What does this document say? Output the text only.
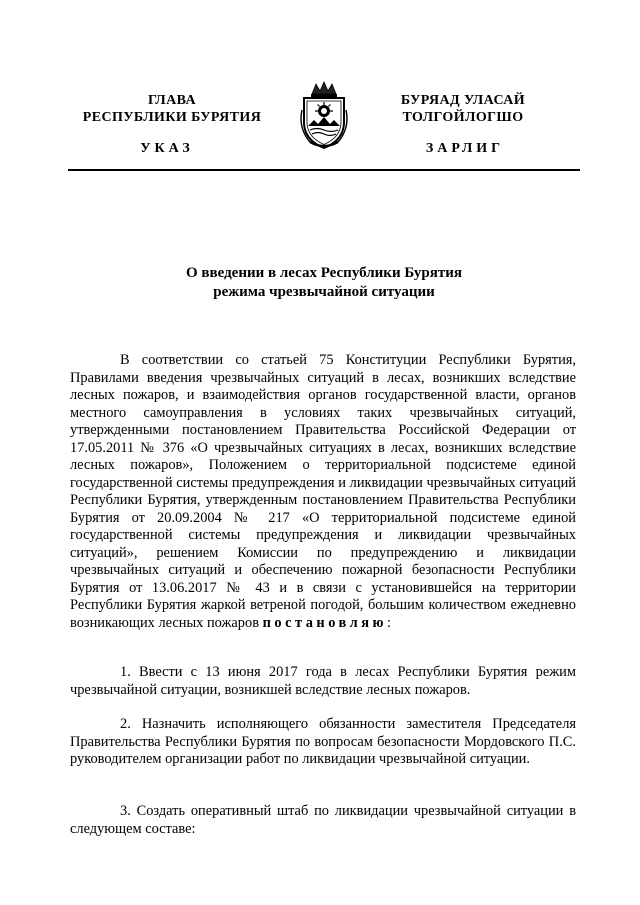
ГЛАВА
РЕСПУБЛИКИ БУРЯТИЯ
БУРЯАД УЛАСАЙ
ТОЛГОЙЛОГШО
УКАЗ	ЗАРЛИГ
О введении в лесах Республики Бурятия
режима чрезвычайной ситуации
В соответствии со статьей 75 Конституции Республики Бурятия, Правилами введения чрезвычайных ситуаций в лесах, возникших вследствие лесных пожаров, и взаимодействия органов государственной власти, органов местного самоуправления в условиях таких чрезвычайных ситуаций, утвержденными постановлением Правительства Российской Федерации от 17.05.2011 № 376 «О чрезвычайных ситуациях в лесах, возникших вследствие лесных пожаров», Положением о территориальной подсистеме единой государственной системы предупреждения и ликвидации чрезвычайных ситуаций Республики Бурятия, утвержденным постановлением Правительства Республики Бурятия от 20.09.2004 № 217 «О территориальной подсистеме единой государственной системы предупреждения и ликвидации чрезвычайных ситуаций», решением Комиссии по предупреждению и ликвидации чрезвычайных ситуаций и обеспечению пожарной безопасности Республики Бурятия от 13.06.2017 № 43 и в связи с установившейся на территории Республики Бурятия жаркой ветреной погодой, большим количеством ежедневно возникающих лесных пожаров постановляю:
1. Ввести с 13 июня 2017 года в лесах Республики Бурятия режим чрезвычайной ситуации, возникшей вследствие лесных пожаров.
2. Назначить исполняющего обязанности заместителя Председателя Правительства Республики Бурятия по вопросам безопасности Мордовского П.С. руководителем организации работ по ликвидации чрезвычайной ситуации.
3. Создать оперативный штаб по ликвидации чрезвычайной ситуации в следующем составе:
